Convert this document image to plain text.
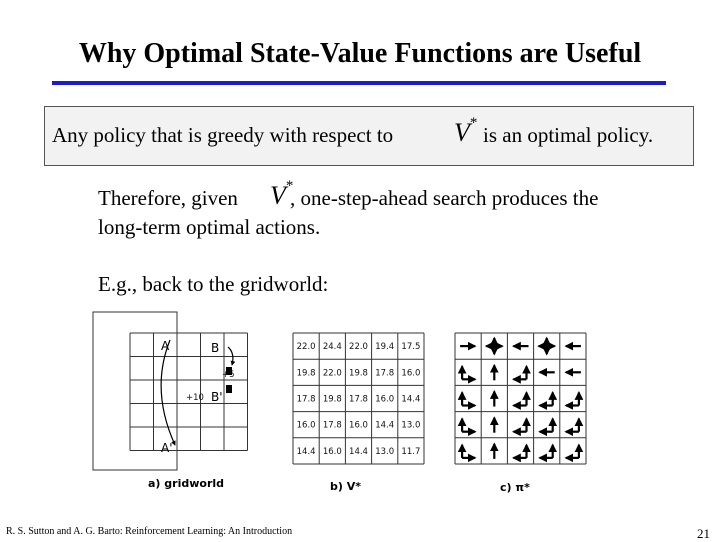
Why Optimal State-Value Functions are Useful
Any policy that is greedy with respect to V* is an optimal policy.
Therefore, given V*
, one-step-ahead search produces the
long-term optimal actions.
E.g., back to the gridworld:
A	B
B'
A'
+10
+5
a) gridworld
22.0 24.4 22.0 19.4 17.5
19.8 22.0 19.8 17.8 16.0
17.8 19.8 17.8 16.0 14.4
16.0 17.8 16.0 14.4 13.0
14.4 16.0 14.4 13.0 11.7
b) V*	c) π*
R. S. Sutton and A. G. Barto: Reinforcement Learning: An Introduction	21
